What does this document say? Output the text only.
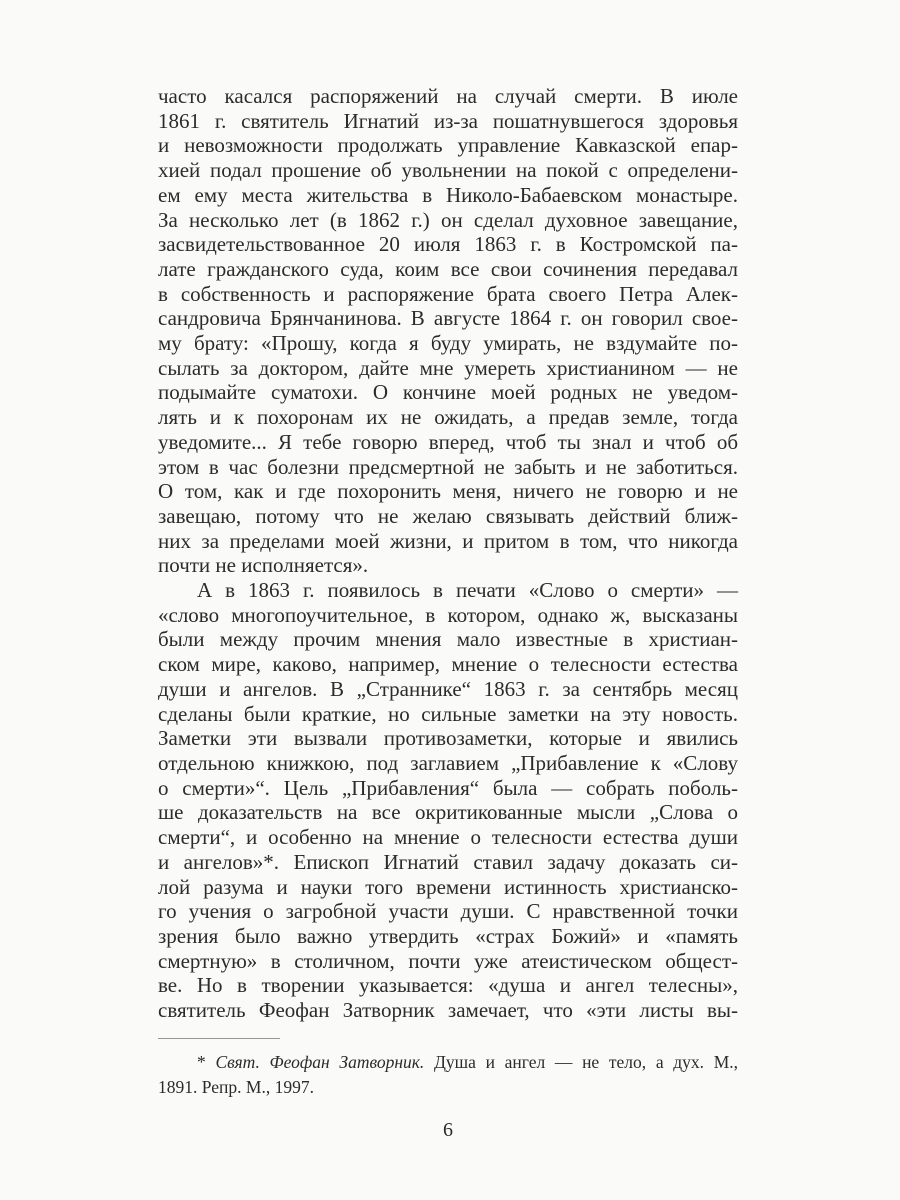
часто касался распоряжений на случай смерти. В июле
1861 г. святитель Игнатий из-за пошатнувшегося здоровья
и невозможности продолжать управление Кавказской епар-
хией подал прошение об увольнении на покой с определени-
ем ему места жительства в Николо-Бабаевском монастыре.
За несколько лет (в 1862 г.) он сделал духовное завещание,
засвидетельствованное 20 июля 1863 г. в Костромской па-
лате гражданского суда, коим все свои сочинения передавал
в собственность и распоряжение брата своего Петра Алек-
сандровича Брянчанинова. В августе 1864 г. он говорил свое-
му брату: «Прошу, когда я буду умирать, не вздумайте по-
сылать за доктором, дайте мне умереть христианином — не
подымайте суматохи. О кончине моей родных не уведом-
лять и к похоронам их не ожидать, а предав земле, тогда
уведомите... Я тебе говорю вперед, чтоб ты знал и чтоб об
этом в час болезни предсмертной не забыть и не заботиться.
О том, как и где похоронить меня, ничего не говорю и не
завещаю, потому что не желаю связывать действий ближ-
них за пределами моей жизни, и притом в том, что никогда
почти не исполняется».
А в 1863 г. появилось в печати «Слово о смерти» —
«слово многопоучительное, в котором, однако ж, высказаны
были между прочим мнения мало известные в христиан-
ском мире, каково, например, мнение о телесности естества
души и ангелов. В „Страннике“ 1863 г. за сентябрь месяц
сделаны были краткие, но сильные заметки на эту новость.
Заметки эти вызвали противозаметки, которые и явились
отдельною книжкою, под заглавием „Прибавление к «Слову
о смерти»“. Цель „Прибавления“ была — собрать поболь-
ше доказательств на все окритикованные мысли „Слова о
смерти“, и особенно на мнение о телесности естества души
и ангелов»*. Епископ Игнатий ставил задачу доказать си-
лой разума и науки того времени истинность христианско-
го учения о загробной участи души. С нравственной точки
зрения было важно утвердить «страх Божий» и «память
смертную» в столичном, почти уже атеистическом общест-
ве. Но в творении указывается: «душа и ангел телесны»,
святитель Феофан Затворник замечает, что «эти листы вы-
* Свят. Феофан Затворник. Душа и ангел — не тело, а дух. М.,
1891. Репр. М., 1997.
6
